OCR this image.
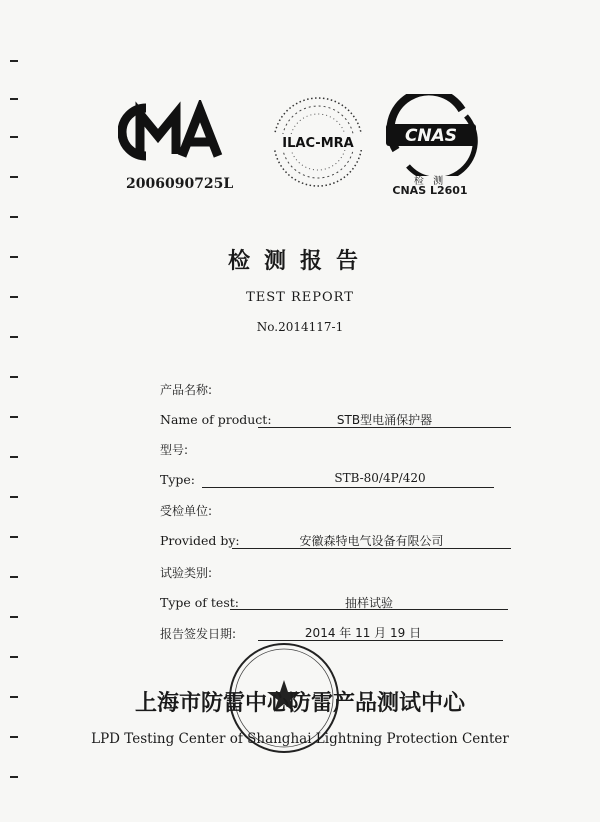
2006090725L
ILAC-MRA	CNAS
检 测
CNAS L2601
检测报告
TEST REPORT
No.2014117-1
产品名称:
Name of product:	STB型电涌保护器
型号:
Type:	STB-80/4P/420
受检单位:
Provided by:	安徽森特电气设备有限公司
试验类别:
Type of test:	抽样试验
报告签发日期:	2014 年 11 月 19 日
上海市防雷中心防雷产品测试中心
LPD Testing Center of Shanghai Lightning Protection Center
